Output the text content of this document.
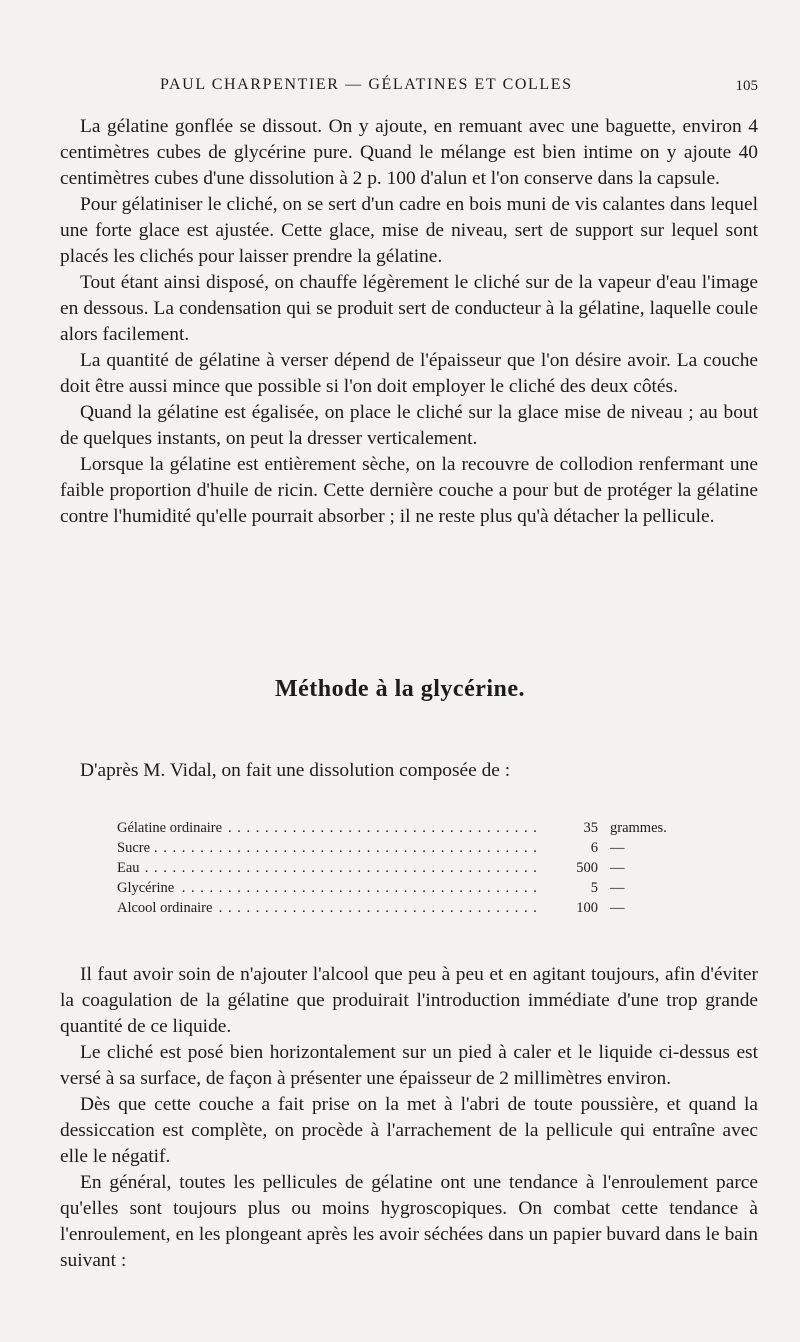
PAUL CHARPENTIER — GÉLATINES ET COLLES	105

La gélatine gonflée se dissout. On y ajoute, en remuant avec une baguette, environ 4 centimètres cubes de glycérine pure. Quand le mélange est bien intime on y ajoute 40 centimètres cubes d'une dissolution à 2 p. 100 d'alun et l'on conserve dans la capsule.

Pour gélatiniser le cliché, on se sert d'un cadre en bois muni de vis calantes dans lequel une forte glace est ajustée. Cette glace, mise de niveau, sert de support sur lequel sont placés les clichés pour laisser prendre la gélatine.

Tout étant ainsi disposé, on chauffe légèrement le cliché sur de la vapeur d'eau l'image en dessous. La condensation qui se produit sert de conducteur à la gélatine, laquelle coule alors facilement.

La quantité de gélatine à verser dépend de l'épaisseur que l'on désire avoir. La couche doit être aussi mince que possible si l'on doit employer le cliché des deux côtés.

Quand la gélatine est égalisée, on place le cliché sur la glace mise de niveau ; au bout de quelques instants, on peut la dresser verticalement.

Lorsque la gélatine est entièrement sèche, on la recouvre de collodion renfermant une faible proportion d'huile de ricin. Cette dernière couche a pour but de protéger la gélatine contre l'humidité qu'elle pourrait absorber ; il ne reste plus qu'à détacher la pellicule.

Méthode à la glycérine.
D'après M. Vidal, on fait une dissolution composée de :
. . .
Gélatine ordinaire	35 grammes.
. . .
Sucre	6 —
. . .
Eau	500 —
. . .
Glycérine	5 —
. . .
Alcool ordinaire	100 —

Il faut avoir soin de n'ajouter l'alcool que peu à peu et en agitant toujours, afin d'éviter la coagulation de la gélatine que produirait l'introduction immédiate d'une trop grande quantité de ce liquide.

Le cliché est posé bien horizontalement sur un pied à caler et le liquide ci-dessus est versé à sa surface, de façon à présenter une épaisseur de 2 millimètres environ.

Dès que cette couche a fait prise on la met à l'abri de toute poussière, et quand la dessiccation est complète, on procède à l'arrachement de la pellicule qui entraîne avec elle le négatif.

En général, toutes les pellicules de gélatine ont une tendance à l'enroulement parce qu'elles sont toujours plus ou moins hygroscopiques. On combat cette tendance à l'enroulement, en les plongeant après les avoir séchées dans un papier buvard dans le bain suivant :
